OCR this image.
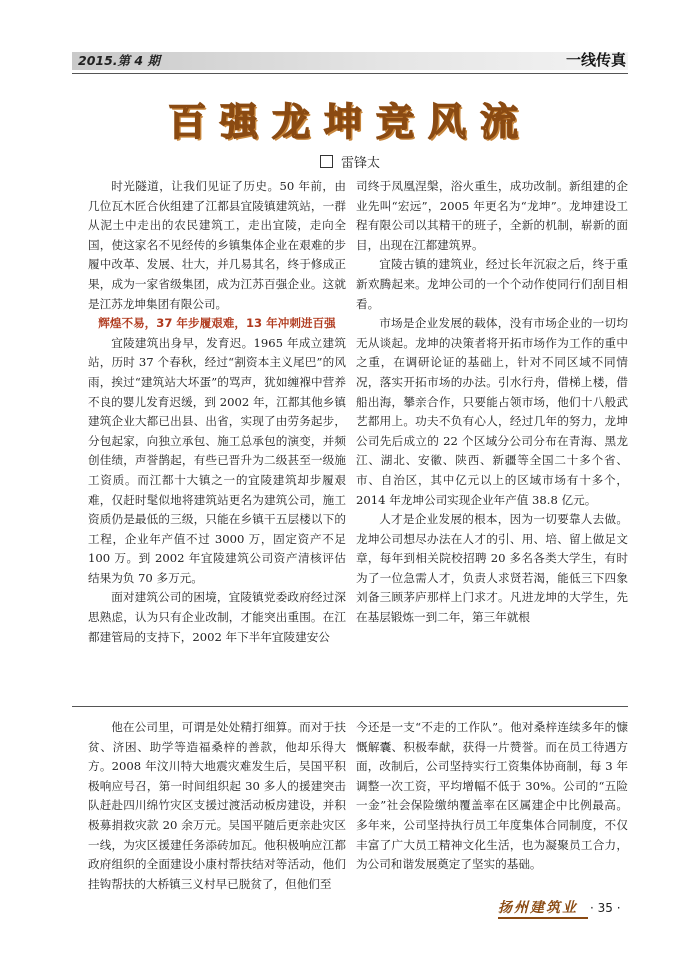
2015.第 4 期	一线传真
百强龙坤竞风流
雷锋太

时光隧道，让我们见证了历史。50 年前，由几位瓦木匠合伙组建了江都县宜陵镇建筑站，一群从泥土中走出的农民建筑工，走出宜陵，走向全国，使这家名不见经传的乡镇集体企业在艰难的步履中改革、发展、壮大，并几易其名，终于修成正果，成为一家省级集团，成为江苏百强企业。这就是江苏龙坤集团有限公司。

辉煌不易，37 年步履艰难，13 年冲刺进百强

宜陵建筑出身早，发育迟。1965 年成立建筑站，历时 37 个春秋，经过“割资本主义尾巴”的风雨，挨过“建筑站大坏蛋”的骂声，犹如缠褓中营养不良的婴儿发育迟缓，到 2002 年，江都其他乡镇建筑企业大都已出县、出省，实现了由劳务起步，分包起家，向独立承包、施工总承包的演变，并频创佳绩，声誉鹊起，有些已晋升为二级甚至一级施工资质。而江都十大镇之一的宜陵建筑却步履艰难，仅赶时髦似地将建筑站更名为建筑公司，施工资质仍是最低的三级，只能在乡镇干五层楼以下的工程，企业年产值不过 3000 万，固定资产不足 100 万。到 2002 年宜陵建筑公司资产清核评估结果为负 70 多万元。

面对建筑公司的困境，宜陵镇党委政府经过深思熟虑，认为只有企业改制，才能突出重围。在江都建管局的支持下，2002 年下半年宜陵建安公

司终于凤凰涅槃，浴火重生，成功改制。新组建的企业先叫“宏远”，2005 年更名为“龙坤”。龙坤建设工程有限公司以其精干的班子，全新的机制，崭新的面目，出现在江都建筑界。

宜陵古镇的建筑业，经过长年沉寂之后，终于重新欢腾起来。龙坤公司的一个个动作使同行们刮目相看。

市场是企业发展的载体，没有市场企业的一切均无从谈起。龙坤的决策者将开拓市场作为工作的重中之重，在调研论证的基础上，针对不同区域不同情况，落实开拓市场的办法。引水行舟，借梯上楼，借船出海，攀亲合作，只要能占领市场，他们十八般武艺都用上。功夫不负有心人，经过几年的努力，龙坤公司先后成立的 22 个区域分公司分布在青海、黑龙江、湖北、安徽、陕西、新疆等全国二十多个省、市、自治区，其中亿元以上的区域市场有十多个，2014 年龙坤公司实现企业年产值 38.8 亿元。

人才是企业发展的根本，因为一切要靠人去做。龙坤公司想尽办法在人才的引、用、培、留上做足文章，每年到相关院校招聘 20 多名各类大学生，有时为了一位急需人才，负责人求贤若渴，能低三下四象刘备三顾茅庐那样上门求才。凡进龙坤的大学生，先在基层锻炼一到二年，第三年就根

他在公司里，可谓是处处精打细算。而对于扶贫、济困、助学等造福桑梓的善款，他却乐得大方。2008 年汶川特大地震灾难发生后，吴国平积极响应号召，第一时间组织起 30 多人的援建突击队赶赴四川绵竹灾区支援过渡活动板房建设，并积极募捐救灾款 20 余万元。吴国平随后更亲赴灾区一线，为灾区援建任务添砖加瓦。他积极响应江都政府组织的全面建设小康村帮扶结对等活动，他们挂钩帮扶的大桥镇三义村早已脱贫了，但他们至

今还是一支“不走的工作队”。他对桑梓连续多年的慷慨解囊、积极奉献，获得一片赞誉。而在员工待遇方面，改制后，公司坚持实行工资集体协商制，每 3 年调整一次工资，平均增幅不低于 30%。公司的“五险一金”社会保险缴纳覆盖率在区属建企中比例最高。多年来，公司坚持执行员工年度集体合同制度，不仅丰富了广大员工精神文化生活，也为凝聚员工合力，为公司和谐发展奠定了坚实的基础。

扬州建筑业	· 35 ·
